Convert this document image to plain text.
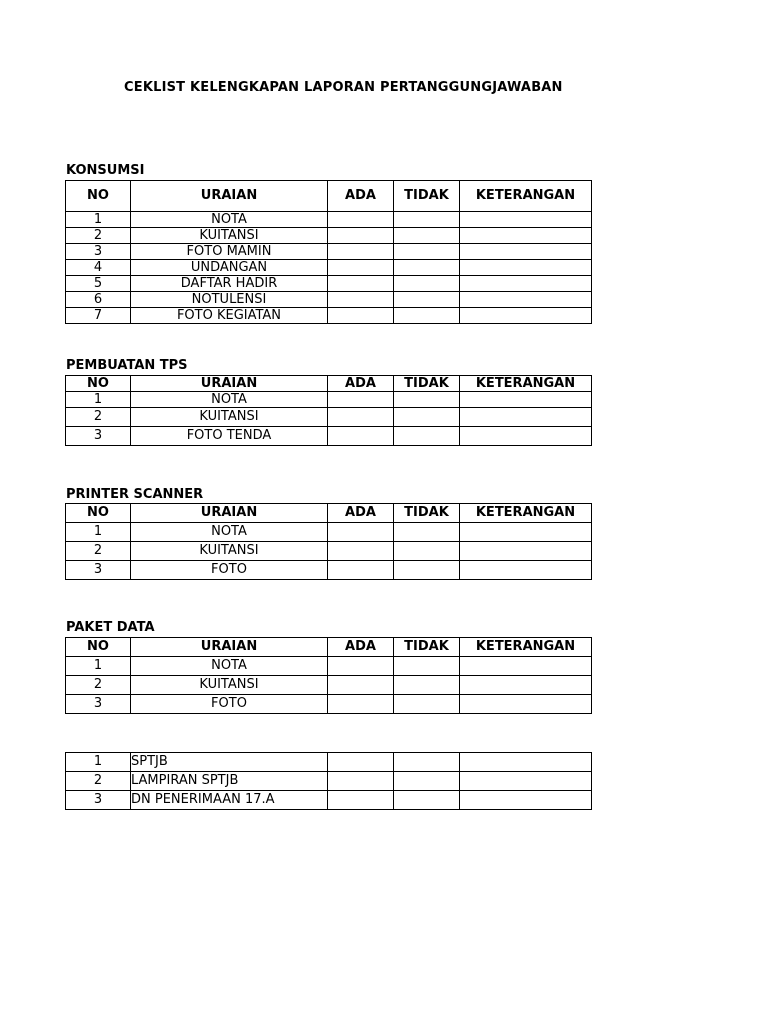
CEKLIST KELENGKAPAN LAPORAN PERTANGGUNGJAWABAN
KONSUMSI
NO	URAIAN	ADA	TIDAK	KETERANGAN
1	NOTA			
2	KUITANSI			
3	FOTO MAMIN			
4	UNDANGAN			
5	DAFTAR HADIR			
6	NOTULENSI			
7	FOTO KEGIATAN			
PEMBUATAN TPS
NO	URAIAN	ADA	TIDAK	KETERANGAN
1	NOTA			
2	KUITANSI			
3	FOTO TENDA			
PRINTER SCANNER
NO	URAIAN	ADA	TIDAK	KETERANGAN
1	NOTA			
2	KUITANSI			
3	FOTO			
PAKET DATA
NO	URAIAN	ADA	TIDAK	KETERANGAN
1	NOTA			
2	KUITANSI			
3	FOTO			
1	SPTJB			
2	LAMPIRAN SPTJB			
3	DN PENERIMAAN 17.A			
